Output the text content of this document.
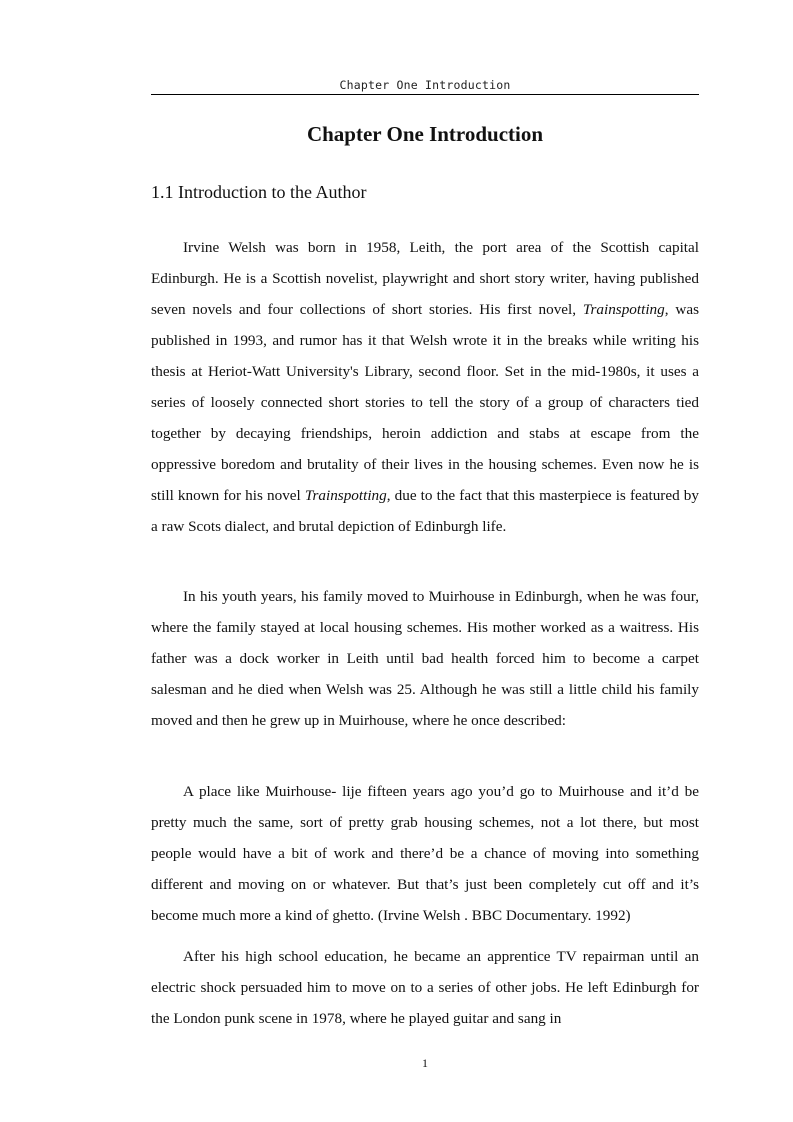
Chapter One Introduction
Chapter One Introduction
1.1 Introduction to the Author

Irvine Welsh was born in 1958, Leith, the port area of the Scottish capital Edinburgh. He is a Scottish novelist, playwright and short story writer, having published seven novels and four collections of short stories. His first novel, Trainspotting, was published in 1993, and rumor has it that Welsh wrote it in the breaks while writing his thesis at Heriot-Watt University's Library, second floor. Set in the mid-1980s, it uses a series of loosely connected short stories to tell the story of a group of characters tied together by decaying friendships, heroin addiction and stabs at escape from the oppressive boredom and brutality of their lives in the housing schemes. Even now he is still known for his novel Trainspotting, due to the fact that this masterpiece is featured by a raw Scots dialect, and brutal depiction of Edinburgh life.

In his youth years, his family moved to Muirhouse in Edinburgh, when he was four, where the family stayed at local housing schemes. His mother worked as a waitress. His father was a dock worker in Leith until bad health forced him to become a carpet salesman and he died when Welsh was 25. Although he was still a little child his family moved and then he grew up in Muirhouse, where he once described:

A place like Muirhouse- lije fifteen years ago you’d go to Muirhouse and it’d be pretty much the same, sort of pretty grab housing schemes, not a lot there, but most people would have a bit of work and there’d be a chance of moving into something different and moving on or whatever. But that’s just been completely cut off and it’s become much more a kind of ghetto. (Irvine Welsh . BBC Documentary. 1992)

After his high school education, he became an apprentice TV repairman until an electric shock persuaded him to move on to a series of other jobs. He left Edinburgh for the London punk scene in 1978, where he played guitar and sang in

1
